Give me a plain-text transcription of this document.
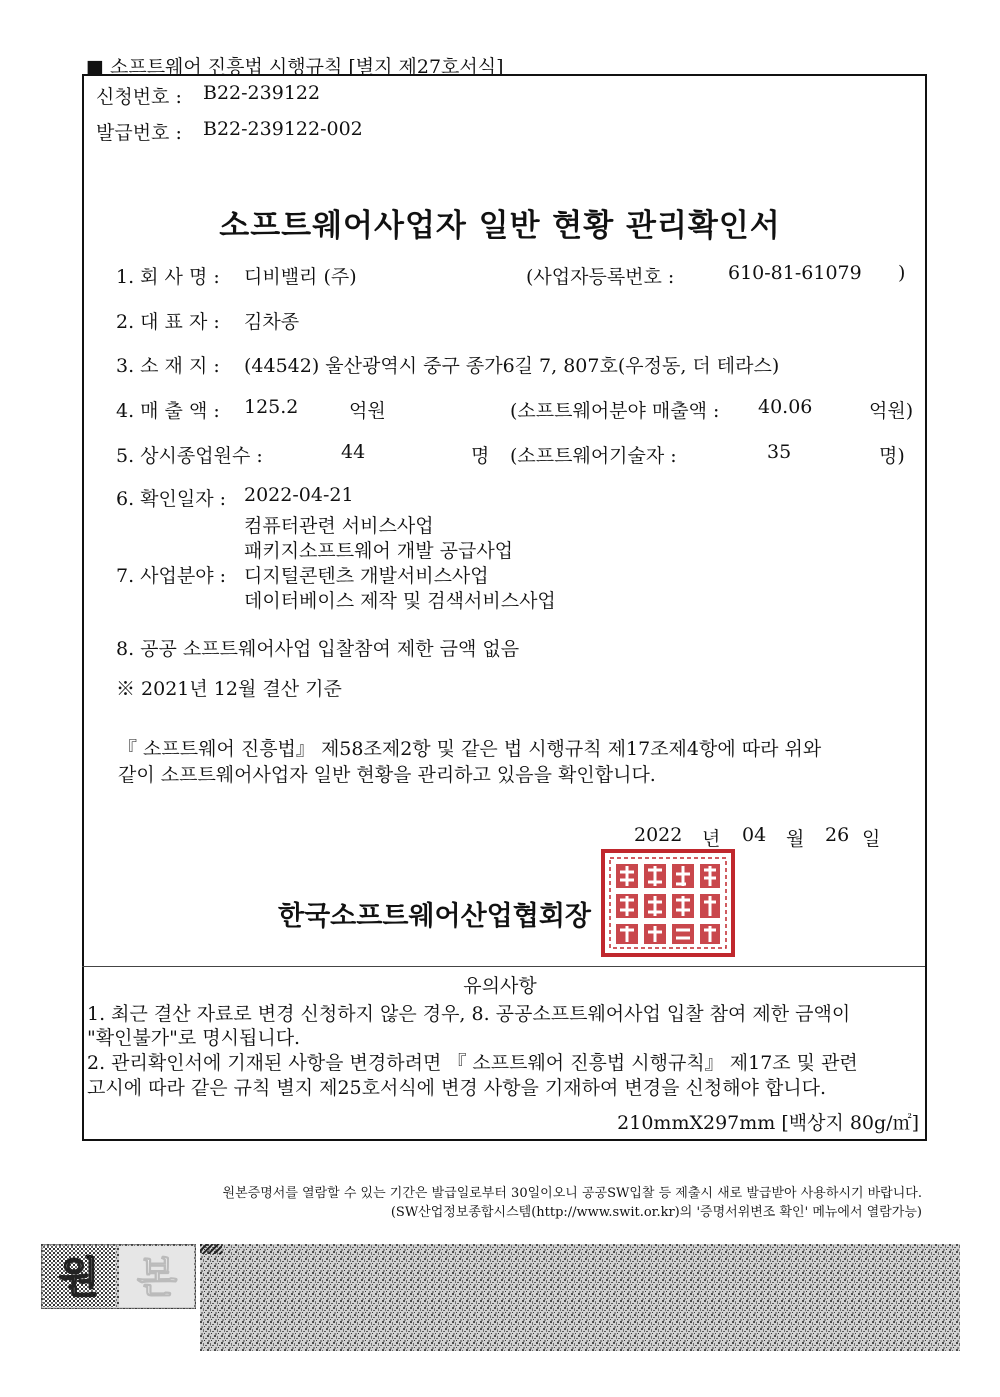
■ 소프트웨어 진흥법 시행규칙 [별지 제27호서식]
신청번호 : B22-239122
발급번호 : B22-239122-002
소프트웨어사업자 일반 현황 관리확인서
1. 회 사 명 : 디비밸리 (주)	(사업자등록번호 :	610-81-61079 )
2. 대 표 자 : 김차종
3. 소 재 지 : (44542) 울산광역시 중구 종가6길 7, 807호(우정동, 더 테라스)
4. 매 출 액 : 125.2	억원	(소프트웨어분야 매출액 : 40.06	억원)
5. 상시종업원수 :	44	명 (소프트웨어기술자 :	35	명)
6. 확인일자 : 2022-04-21
컴퓨터관련 서비스사업
패키지소프트웨어 개발 공급사업
7. 사업분야 : 디지털콘텐츠 개발서비스사업
데이터베이스 제작 및 검색서비스사업
8. 공공 소프트웨어사업 입찰참여 제한 금액 없음
※ 2021년 12월 결산 기준
『 소프트웨어 진흥법』 제58조제2항 및 같은 법 시행규칙 제17조제4항에 따라 위와
같이 소프트웨어사업자 일반 현황을 관리하고 있음을 확인합니다.
2022 년 04 월 26 일
한국소프트웨어산업협회장
유의사항
1. 최근 결산 자료로 변경 신청하지 않은 경우, 8. 공공소프트웨어사업 입찰 참여 제한 금액이
"확인불가"로 명시됩니다.
2. 관리확인서에 기재된 사항을 변경하려면 『 소프트웨어 진흥법 시행규칙』 제17조 및 관련
고시에 따라 같은 규칙 별지 제25호서식에 변경 사항을 기재하여 변경을 신청해야 합니다.
210mmX297mm [백상지 80g/㎡]
원본증명서를 열람할 수 있는 기간은 발급일로부터 30일이오니 공공SW입찰 등 제출시 새로 발급받아 사용하시기 바랍니다.
(SW산업정보종합시스템(http://www.swit.or.kr)의 '증명서위변조 확인' 메뉴에서 열람가능)
원 본
